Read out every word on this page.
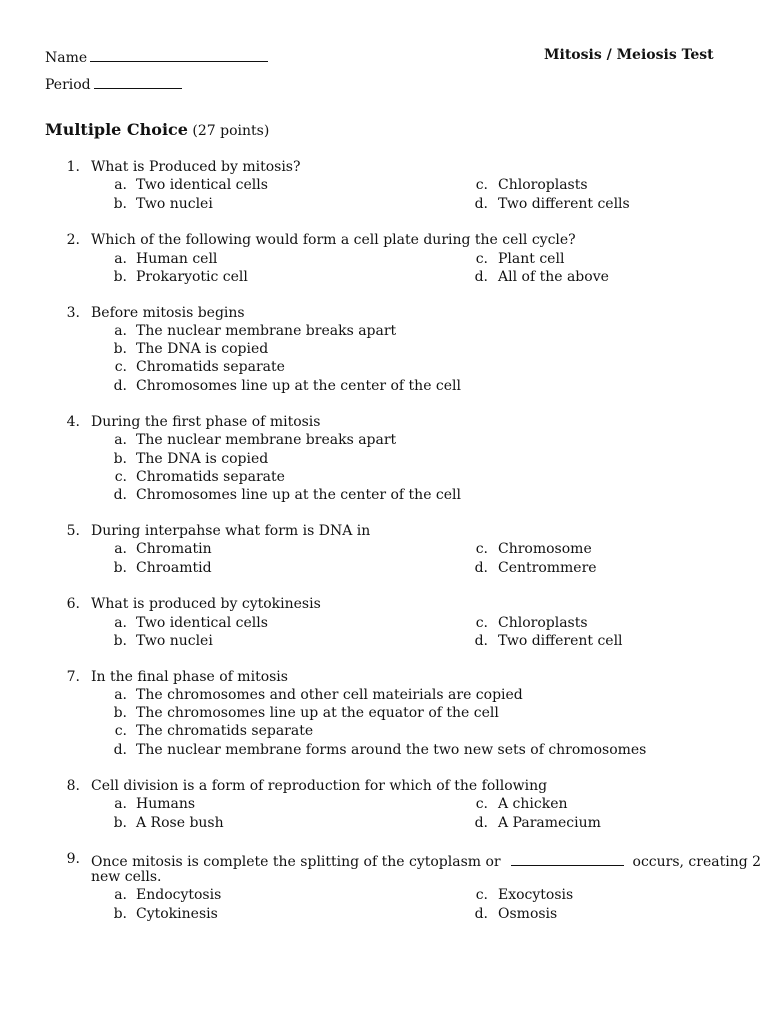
Name	Mitosis / Meiosis Test
Period
Multiple Choice (27 points)
1. What is Produced by mitosis?
a. Two identical cells
b. Two nuclei
c. Chloroplasts
d. Two different cells
2. Which of the following would form a cell plate during the cell cycle?
a. Human cell
b. Prokaryotic cell
c. Plant cell
d. All of the above
3. Before mitosis begins
a. The nuclear membrane breaks apart
b. The DNA is copied
c. Chromatids separate
d. Chromosomes line up at the center of the cell
4. During the first phase of mitosis
a. The nuclear membrane breaks apart
b. The DNA is copied
c. Chromatids separate
d. Chromosomes line up at the center of the cell
5. During interpahse what form is DNA in
a. Chromatin
b. Chroamtid
c. Chromosome
d. Centrommere
6. What is produced by cytokinesis
a. Two identical cells
b. Two nuclei
c. Chloroplasts
d. Two different cell
7. In the final phase of mitosis
a. The chromosomes and other cell mateirials are copied
b. The chromosomes line up at the equator of the cell
c. The chromatids separate
d. The nuclear membrane forms around the two new sets of chromosomes
8. Cell division is a form of reproduction for which of the following
a. Humans
b. A Rose bush
c. A chicken
d. A Paramecium
9. Once mitosis is complete the splitting of the cytoplasm or	occurs, creating 2
new cells.
a. Endocytosis
b. Cytokinesis
c. Exocytosis
d. Osmosis
